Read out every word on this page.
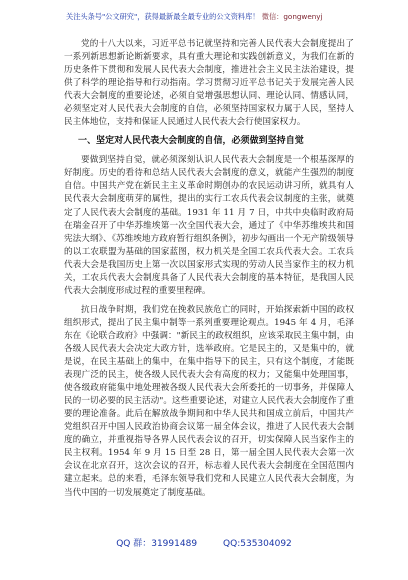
关注头条号"公文研究"，获得最新最全最专业的公文资料库！ 微信：gongwenyj

党的十八大以来，习近平总书记就坚持和完善人民代表大会制度提出了一系列新思想新论断新要求，具有重大理论和实践创新意义，为我们在新的历史条件下贯彻和发展人民代表大会制度，推进社会主义民主法治建设，提供了科学的理论指导和行动指南。学习贯彻习近平总书记关于发展完善人民代表大会制度的重要论述，必须自觉增强思想认同、理论认同、情感认同，必须坚定对人民代表大会制度的自信，必须坚持国家权力属于人民，坚持人民主体地位，支持和保证人民通过人民代表大会行使国家权力。

一、坚定对人民代表大会制度的自信，必须做到坚持自觉

要做到坚持自觉，就必须深刻认识人民代表大会制度是一个根基深厚的好制度。历史的看待和总结人民代表大会制度的意义，就能产生强烈的制度自信。中国共产党在新民主主义革命时期创办的农民运动讲习所，就具有人民代表大会制度萌芽的属性，提出的实行工农兵代表会议制度的主张，就奠定了人民代表大会制度的基础。1931 年 11 月 7 日，中共中央临时政府局在瑞金召开了中华苏维埃第一次全国代表大会，通过了《中华苏维埃共和国宪法大纲》、《苏维埃地方政府暂行组织条例》，初步勾画出一个无产阶级领导的以工农联盟为基础的国家蓝图，权力机关是全国工农兵代表大会。工农兵代表大会是我国历史上第一次以国家形式实现的劳动人民当家作主的权力机关，工农兵代表大会制度具备了人民代表大会制度的基本特征，是我国人民代表大会制度形成过程的重要里程碑。

抗日战争时期，我们党在挽救民族危亡的同时，开始探索新中国的政权组织形式，提出了民主集中制等一系列重要理论观点。1945 年 4 月，毛泽东在《论联合政府》中强调："新民主的政权组织，应该采取民主集中制，由各级人民代表大会决定大政方针，选举政府。它是民主的，又是集中的，就是说，在民主基础上的集中，在集中指导下的民主，只有这个制度，才能既表现广泛的民主，使各级人民代表大会有高度的权力；又能集中处理国事，使各级政府能集中地处理被各级人民代表大会所委托的一切事务，并保障人民的一切必要的民主活动"。这些重要论述，对建立人民代表大会制度作了重要的理论准备。此后在解放战争期间和中华人民共和国成立前后，中国共产党组织召开中国人民政治协商会议第一届全体会议，推进了人民代表大会制度的确立，并重视指导各界人民代表会议的召开，切实保障人民当家作主的民主权利。1954 年 9 月 15 日至 28 日，第一届全国人民代表大会第一次会议在北京召开，这次会议的召开，标志着人民代表大会制度在全国范围内建立起来。总的来看，毛泽东领导我们党和人民建立人民代表大会制度，为当代中国的一切发展奠定了制度基础。

QQ 群：31991489	QQ:535304092
